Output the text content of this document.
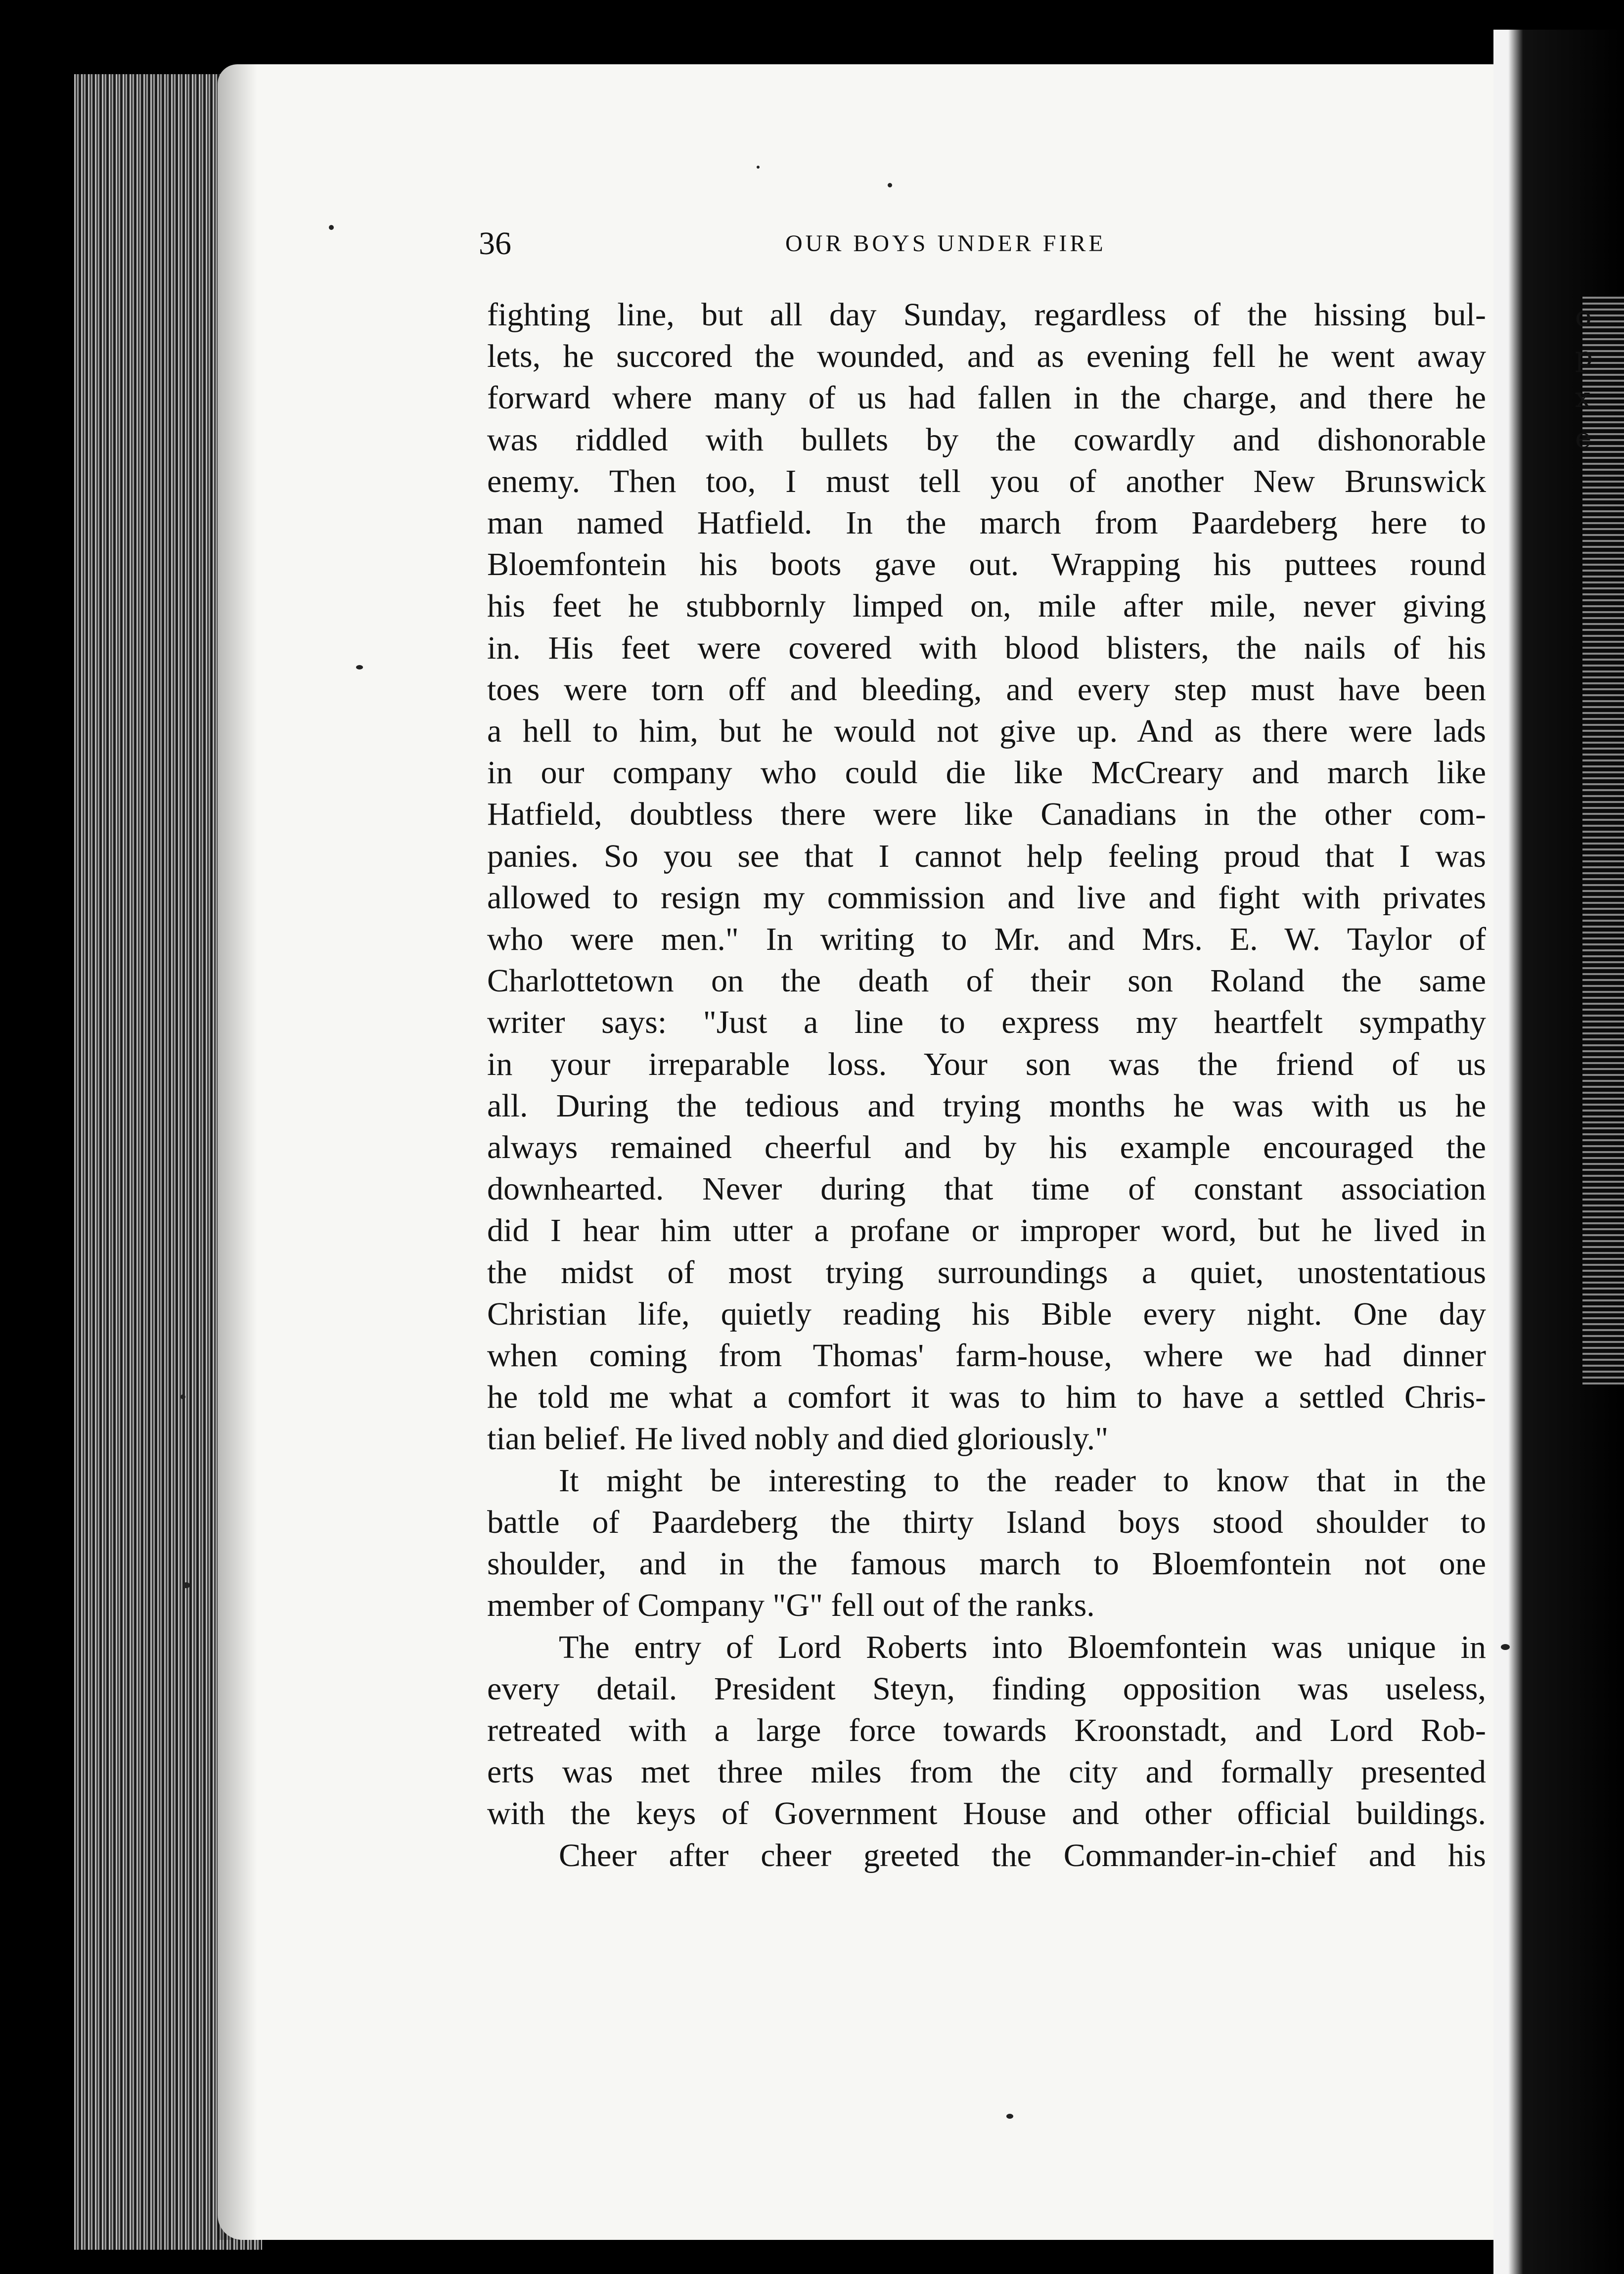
o
p
x
e
36	OUR BOYS UNDER FIRE
fighting line, but all day Sunday, regardless of the hissing bul-
lets, he succored the wounded, and as evening fell he went away
forward where many of us had fallen in the charge, and there he
was riddled with bullets by the cowardly and dishonorable
enemy. Then too, I must tell you of another New Brunswick
man named Hatfield. In the march from Paardeberg here to
Bloemfontein his boots gave out. Wrapping his puttees round
his feet he stubbornly limped on, mile after mile, never giving
in. His feet were covered with blood blisters, the nails of his
toes were torn off and bleeding, and every step must have been
a hell to him, but he would not give up. And as there were lads
in our company who could die like McCreary and march like
Hatfield, doubtless there were like Canadians in the other com-
panies. So you see that I cannot help feeling proud that I was
allowed to resign my commission and live and fight with privates
who were men." In writing to Mr. and Mrs. E. W. Taylor of
Charlottetown on the death of their son Roland the same
writer says: "Just a line to express my heartfelt sympathy
in your irreparable loss. Your son was the friend of us
all. During the tedious and trying months he was with us he
always remained cheerful and by his example encouraged the
downhearted. Never during that time of constant association
did I hear him utter a profane or improper word, but he lived in
the midst of most trying surroundings a quiet, unostentatious
Christian life, quietly reading his Bible every night. One day
when coming from Thomas' farm-house, where we had dinner
he told me what a comfort it was to him to have a settled Chris-
tian belief. He lived nobly and died gloriously."
It might be interesting to the reader to know that in the
battle of Paardeberg the thirty Island boys stood shoulder to
shoulder, and in the famous march to Bloemfontein not one
member of Company "G" fell out of the ranks.
The entry of Lord Roberts into Bloemfontein was unique in
every detail. President Steyn, finding opposition was useless,
retreated with a large force towards Kroonstadt, and Lord Rob-
erts was met three miles from the city and formally presented
with the keys of Government House and other official buildings.
Cheer after cheer greeted the Commander-in-chief and his
